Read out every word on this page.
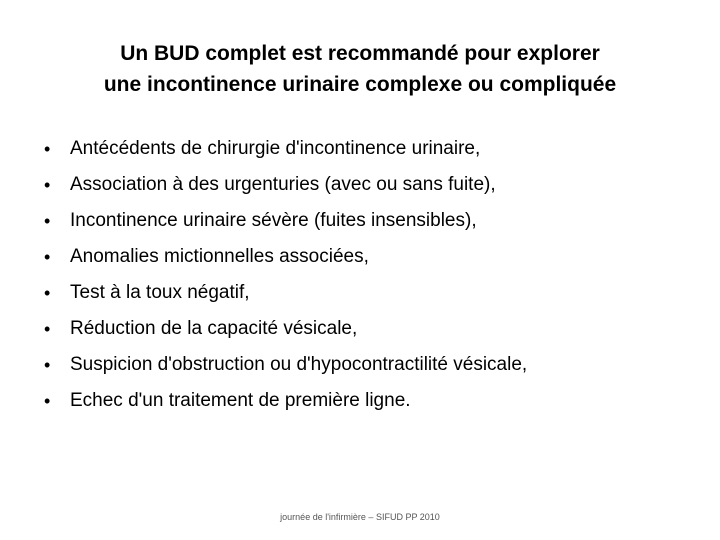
Un BUD complet est recommandé pour explorer
une incontinence urinaire complexe ou compliquée
• Antécédents de chirurgie d'incontinence urinaire,
• Association à des urgenturies (avec ou sans fuite),
• Incontinence urinaire sévère (fuites insensibles),
• Anomalies mictionnelles associées,
• Test à la toux négatif,
• Réduction de la capacité vésicale,
• Suspicion d'obstruction ou d'hypocontractilité vésicale,
• Echec d'un traitement de première ligne.
journée de l'infirmière – SIFUD PP 2010
